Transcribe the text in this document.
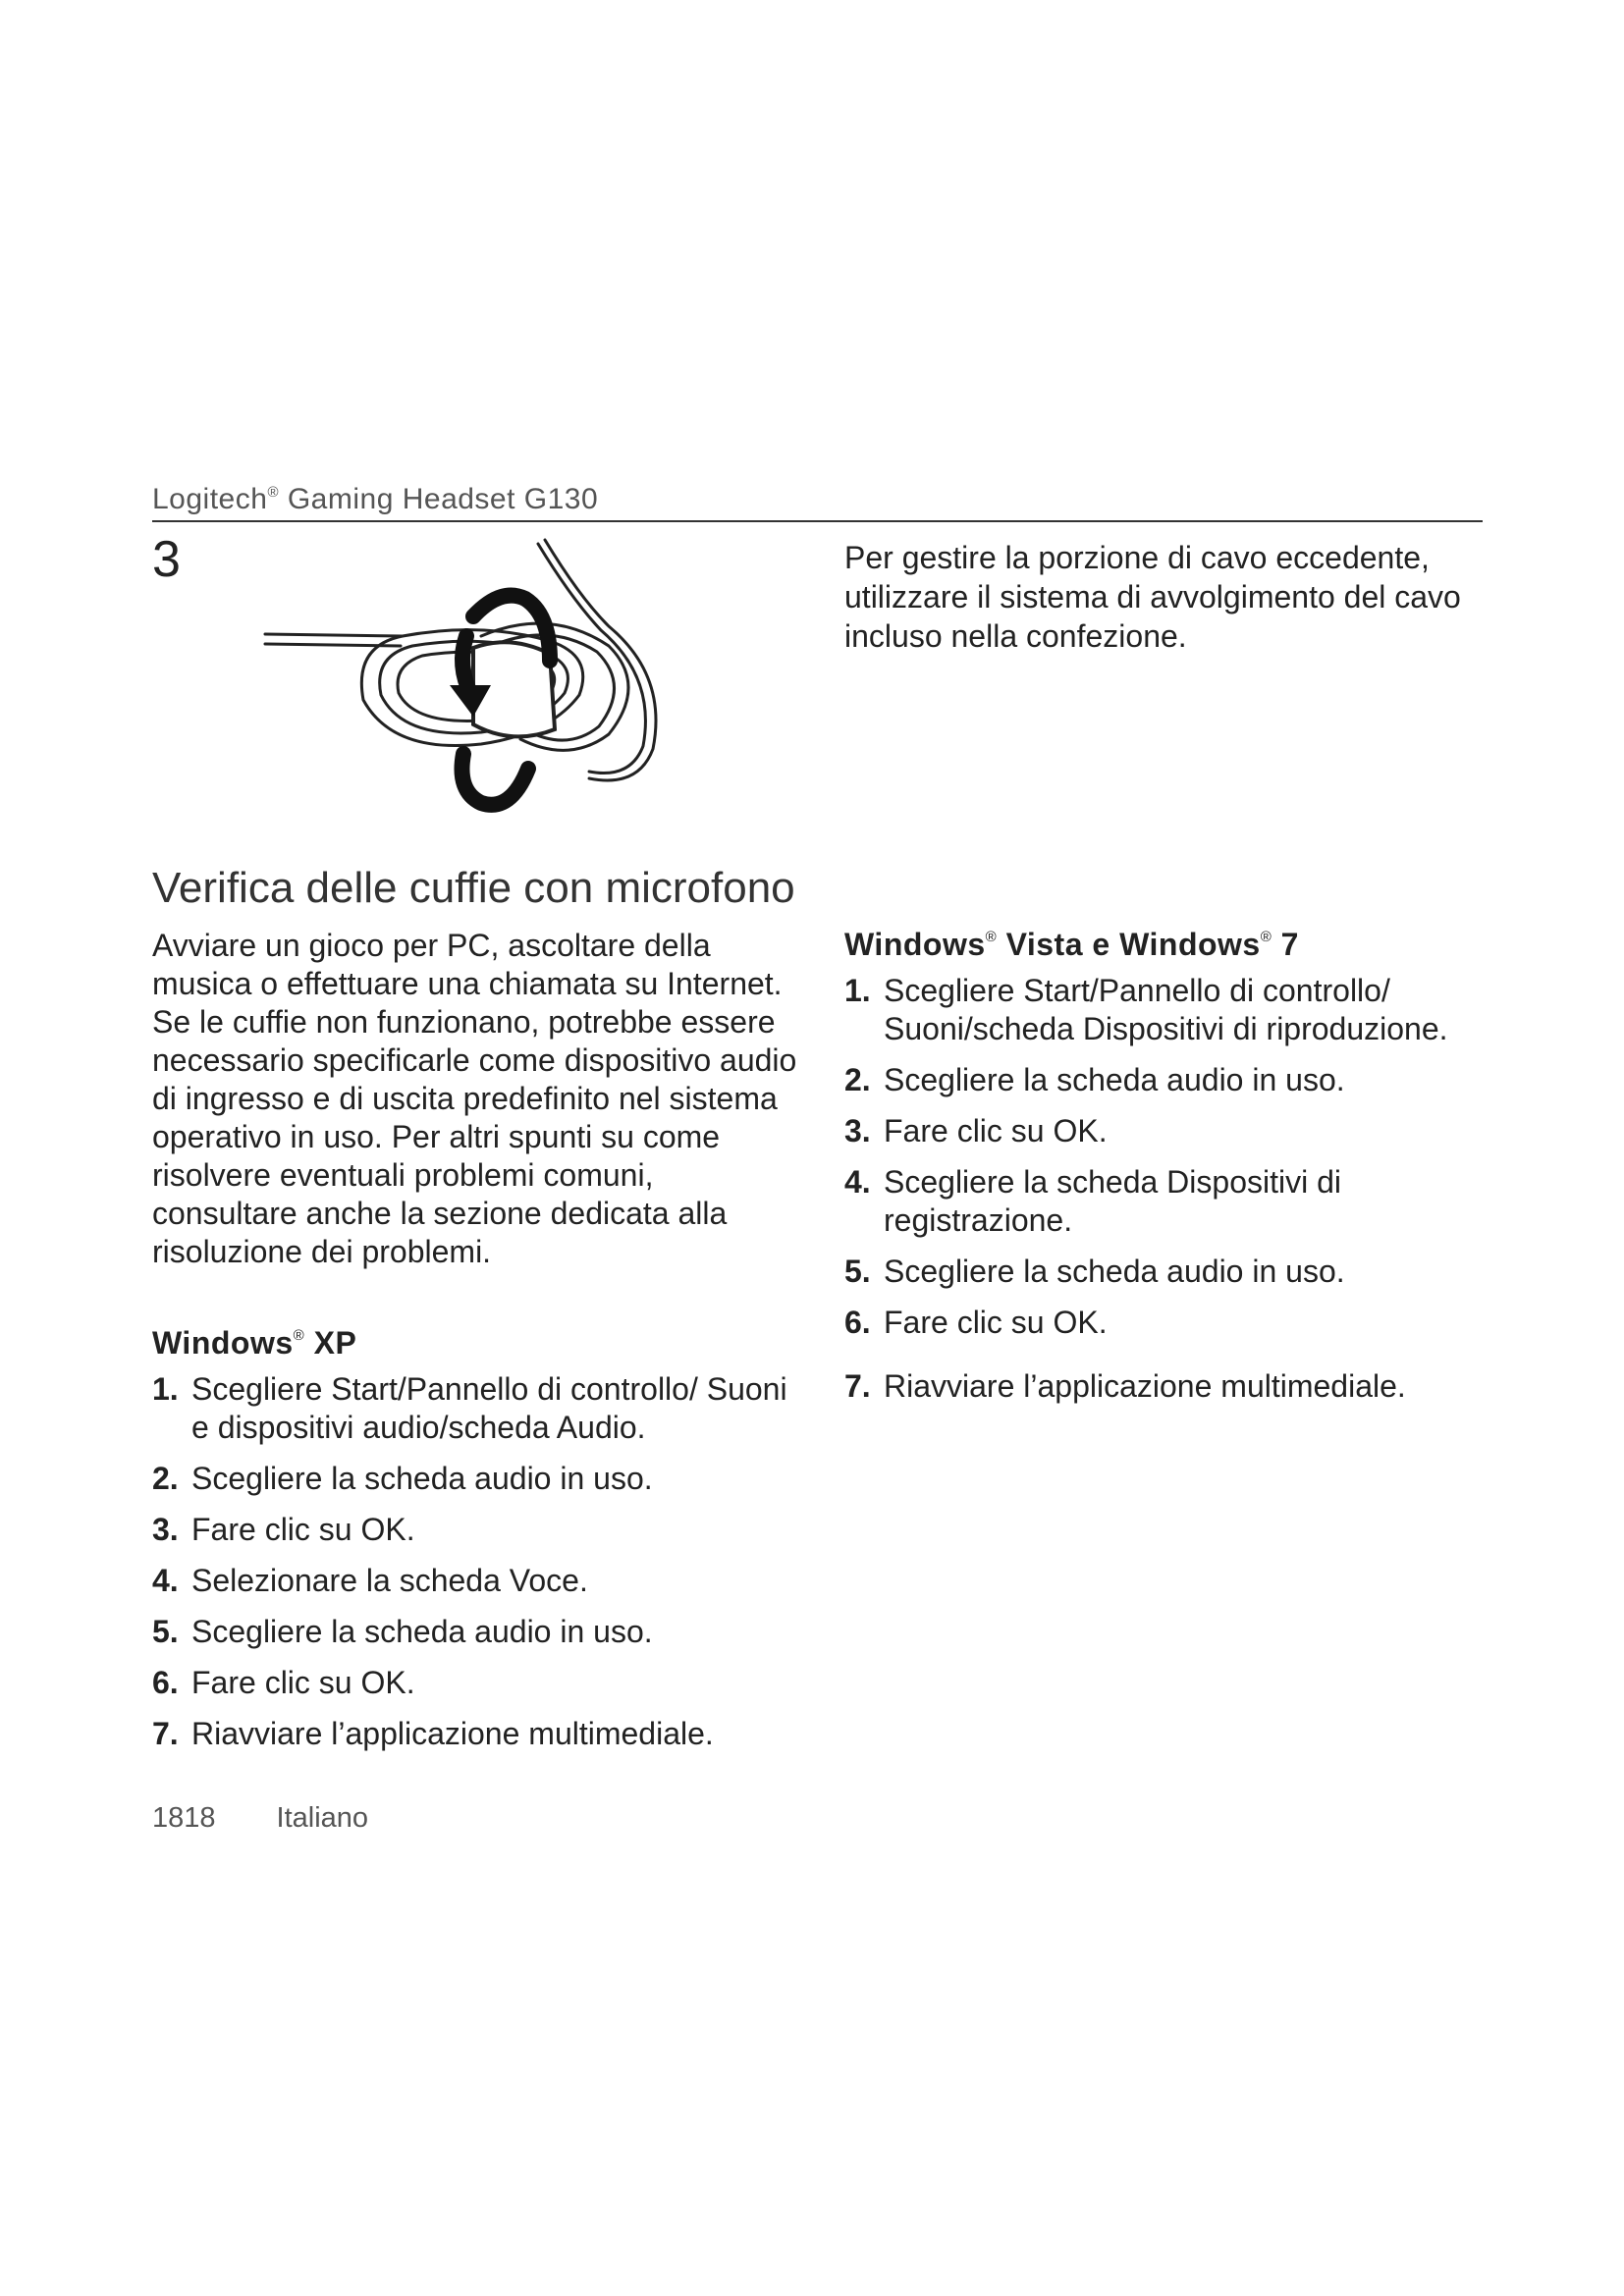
Logitech® Gaming Headset G130
3	Per gestire la porzione di cavo eccedente, utilizzare il sistema di avvolgimento del cavo incluso nella confezione.
Verifica delle cuffie con microfono
Avviare un gioco per PC, ascoltare della musica o effettuare una chiamata su Internet. Se le cuffie non funzionano, potrebbe essere necessario specificarle come dispositivo audio di ingresso e di uscita predefinito nel sistema operativo in uso. Per altri spunti su come risolvere eventuali problemi comuni, consultare anche la sezione dedicata alla risoluzione dei problemi.
Windows® XP
1. Scegliere Start/Pannello di controllo/ Suoni e dispositivi audio/scheda Audio.
2. Scegliere la scheda audio in uso.
3. Fare clic su OK.
4. Selezionare la scheda Voce.
5. Scegliere la scheda audio in uso.
6. Fare clic su OK.
7. Riavviare l’applicazione multimediale.
Windows® Vista e Windows® 7
1. Scegliere Start/Pannello di controllo/ Suoni/scheda Dispositivi di riproduzione.
2. Scegliere la scheda audio in uso.
3. Fare clic su OK.
4. Scegliere la scheda Dispositivi di registrazione.
5. Scegliere la scheda audio in uso.
6. Fare clic su OK.
7. Riavviare l’applicazione multimediale.
1818 Italiano
